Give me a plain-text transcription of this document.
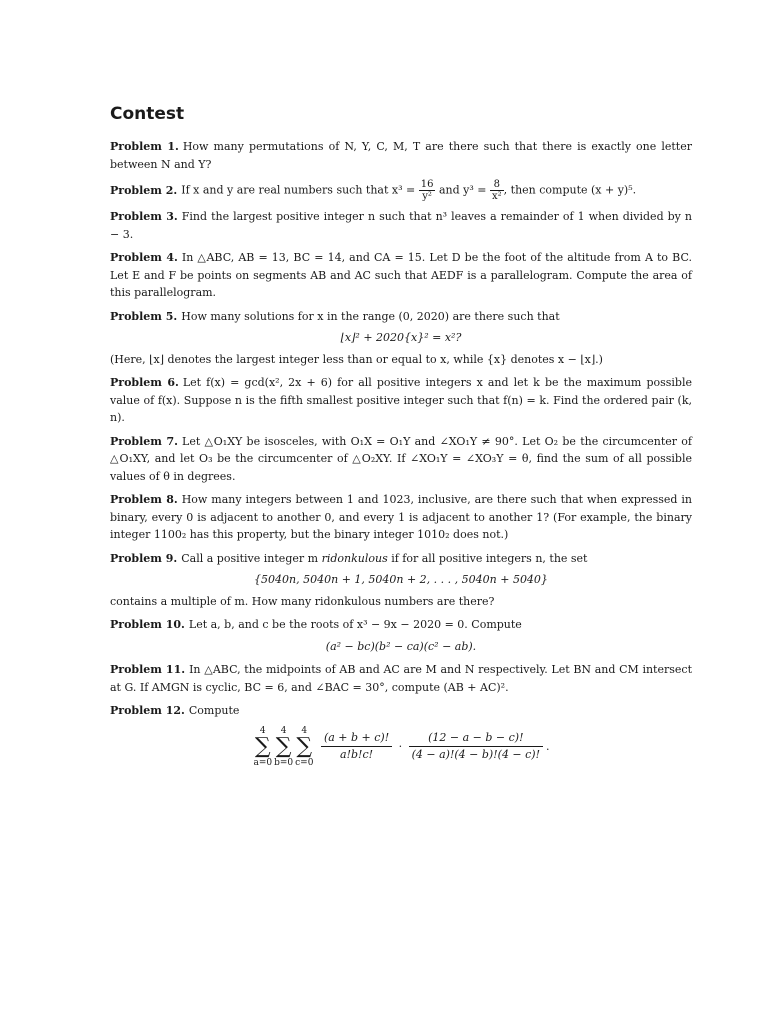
Contest

Problem 1. How many permutations of N, Y, C, M, T are there such that there is exactly one letter between N and Y?

Problem 2. If x and y are real numbers such that $x^3 = \frac{16}{\text{y²}}$ and $y^3 = \frac{8}{\text{x²}}$ , then compute (x + y)⁵.

Problem 3. Find the largest positive integer n such that n³ leaves a remainder of 1 when divided by n − 3.

Problem 4. In △ABC, AB = 13, BC = 14, and CA = 15. Let D be the foot of the altitude from A to BC. Let E and F be points on segments AB and AC such that AEDF is a parallelogram. Compute the area of this parallelogram.

Problem 5. How many solutions for x in the range (0, 2020) are there such that
⌊x⌋² + 2020{x}² = x²?
(Here, ⌊x⌋ denotes the largest integer less than or equal to x, while {x} denotes x − ⌊x⌋.)

Problem 6. Let f(x) = gcd(x², 2x + 6) for all positive integers x and let k be the maximum possible value of f(x). Suppose n is the fifth smallest positive integer such that f(n) = k. Find the ordered pair (k, n).

Problem 7. Let △O₁XY be isosceles, with O₁X = O₁Y and ∠XO₁Y ≠ 90°. Let O₂ be the circumcenter of △O₁XY, and let O₃ be the circumcenter of △O₂XY. If ∠XO₁Y = ∠XO₃Y = θ, find the sum of all possible values of θ in degrees.

Problem 8. How many integers between 1 and 1023, inclusive, are there such that when expressed in binary, every 0 is adjacent to another 0, and every 1 is adjacent to another 1? (For example, the binary integer 1100₂ has this property, but the binary integer 1010₂ does not.)

Problem 9. Call a positive integer m ridonkulous if for all positive integers n, the set
{5040n, 5040n + 1, 5040n + 2, . . . , 5040n + 5040}
contains a multiple of m. How many ridonkulous numbers are there?
Problem 10. Let a, b, and c be the roots of x³ − 9x − 2020 = 0. Compute
(a² − bc)(b² − ca)(c² − ab).

Problem 11. In △ABC, the midpoints of AB and AC are M and N respectively. Let BN and CM intersect at G. If AMGN is cyclic, BC = 6, and ∠BAC = 30°, compute (AB + AC)².

Problem 12. Compute
4
∑
a=04
∑
b=04
∑
$c=0 \frac{(a + b + c)!}{a!b!c!} \cdot \frac{(12 - a - b - c)!}{(4 - a)!(4 - b)!(4 - c)!}$ .
